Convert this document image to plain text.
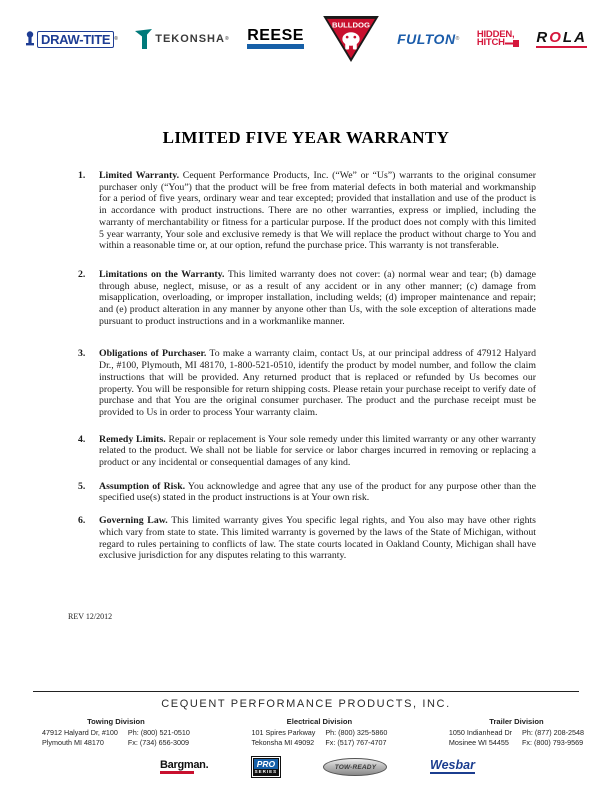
DRAW-TITE ®	TEKONSHA ® REESE
BULLDOG
FULTON ® HIDDEN,
HITCH ROLA
LIMITED FIVE YEAR WARRANTY
1.	Limited Warranty. Cequent Performance Products, Inc. (“We” or “Us”) warrants to the original consumer purchaser only (“You”) that the product will be free from material defects in both material and workmanship for a period of five years, ordinary wear and tear excepted; provided that installation and use of the product is in accordance with product instructions. There are no other warranties, express or implied, including the warranty of merchantability or fitness for a particular purpose. If the product does not comply with this limited 5 year warranty, Your sole and exclusive remedy is that We will replace the product without charge to You and within a reasonable time or, at our option, refund the purchase price. This warranty is not transferable.
2.	Limitations on the Warranty. This limited warranty does not cover: (a) normal wear and tear; (b) damage through abuse, neglect, misuse, or as a result of any accident or in any other manner; (c) damage from misapplication, overloading, or improper installation, including welds; (d) improper maintenance and repair; and (e) product alteration in any manner by anyone other than Us, with the sole exception of alterations made pursuant to product instructions and in a workmanlike manner.
3.	Obligations of Purchaser. To make a warranty claim, contact Us, at our principal address of 47912 Halyard Dr., #100, Plymouth, MI 48170, 1-800-521-0510, identify the product by model number, and follow the claim instructions that will be provided. Any returned product that is replaced or refunded by Us becomes our property. You will be responsible for return shipping costs. Please retain your purchase receipt to verify date of purchase and that You are the original consumer purchaser. The product and the purchase receipt must be provided to Us in order to process Your warranty claim.
4.	Remedy Limits. Repair or replacement is Your sole remedy under this limited warranty or any other warranty related to the product. We shall not be liable for service or labor charges incurred in removing or replacing a product or any incidental or consequential damages of any kind.
5.	Assumption of Risk. You acknowledge and agree that any use of the product for any purpose other than the specified use(s) stated in the product instructions is at Your own risk.
6.	Governing Law. This limited warranty gives You specific legal rights, and You also may have other rights which vary from state to state. This limited warranty is governed by the laws of the State of Michigan, without regard to rules pertaining to conflicts of law. The state courts located in Oakland County, Michigan shall have exclusive jurisdiction for any disputes relating to this warranty.
REV 12/2012
CEQUENT PERFORMANCE PRODUCTS, INC.
Towing Division
47912 Halyard Dr, #100 Ph: (800) 521-0510
Plymouth MI 48170	Fx: (734) 656-3009
Electrical Division
101 Spires Parkway Ph: (800) 325-5860
Tekonsha MI 49092 Fx: (517) 767-4707
Trailer Division
1050 Indianhead Dr Ph: (877) 208-2548
Mosinee WI 54455	Fx: (800) 793-9569
Bargman.	PRO
SERIES
TOW-READY	Wesbar
